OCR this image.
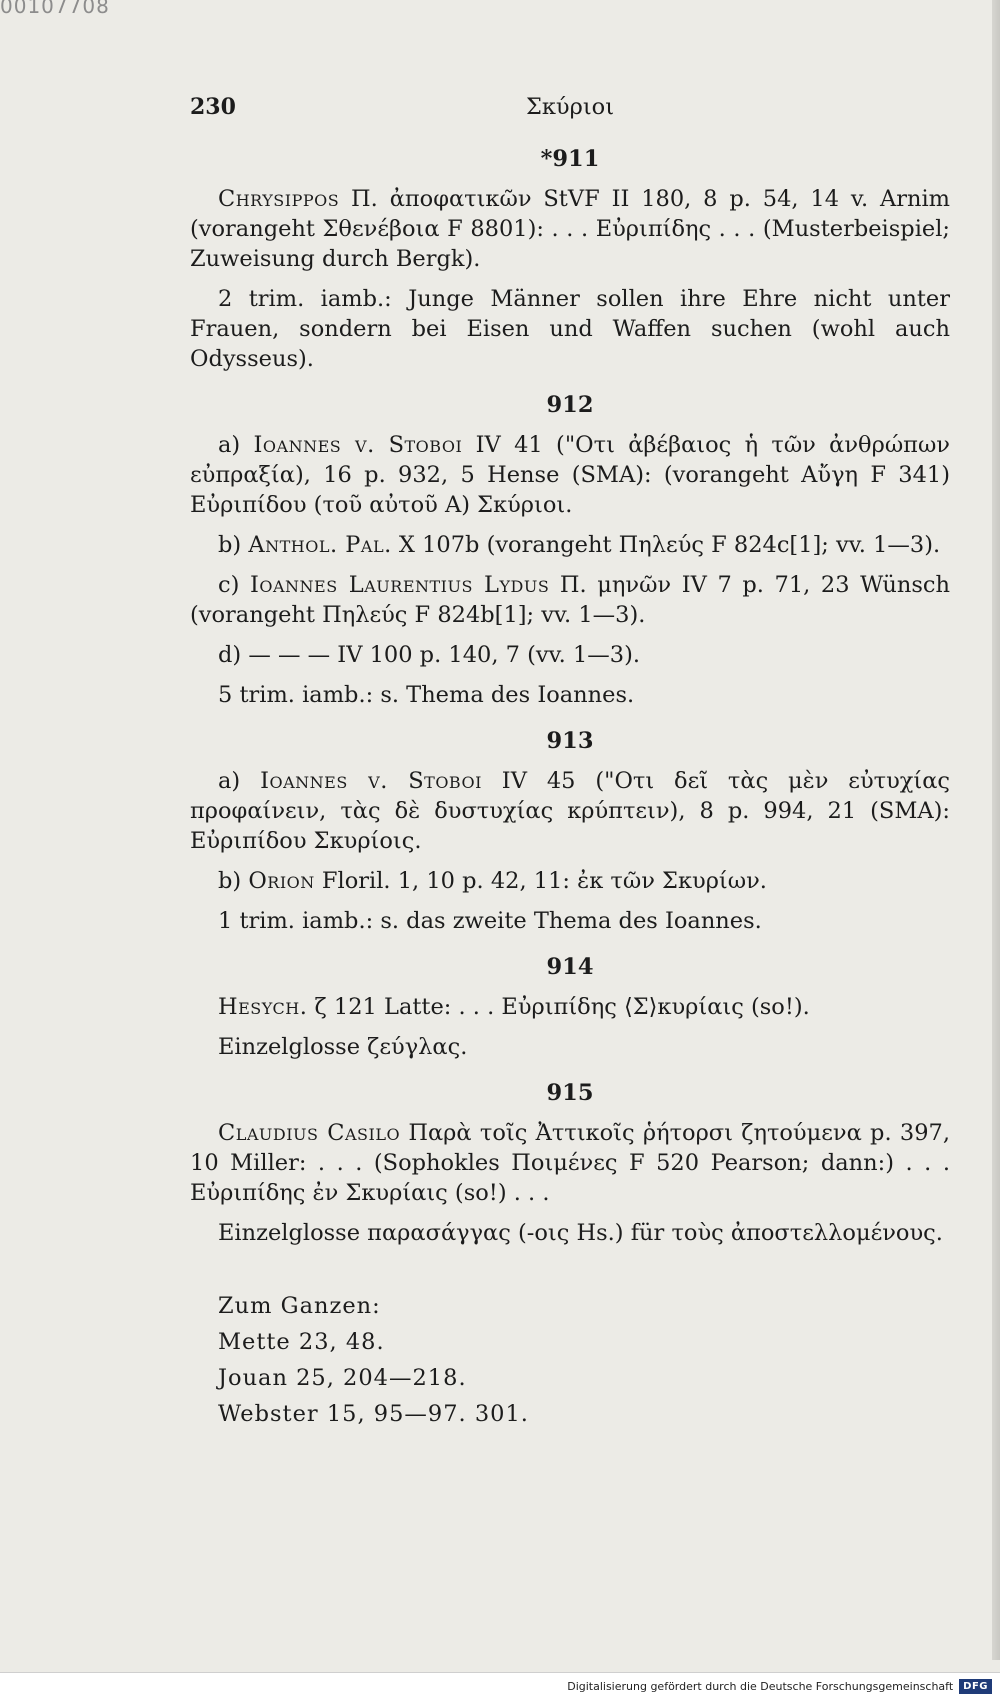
00107708
230	Σκύριοι
*911

Chrysippos Π. ἀποφατικῶν StVF II 180, 8 p. 54, 14 v. Arnim (vorangeht Σθενέβοια F 8801): . . . Εὐριπίδης . . . (Musterbeispiel; Zuweisung durch Bergk).

2 trim. iamb.: Junge Männer sollen ihre Ehre nicht unter Frauen, sondern bei Eisen und Waffen suchen (wohl auch Odysseus).

912

a) Ioannes v. Stoboi IV 41 ("Οτι ἀβέβαιος ἡ τῶν ἀνθρώπων εὐπραξία), 16 p. 932, 5 Hense (SMA): (vorangeht Αὔγη F 341) Εὐριπίδου (τοῦ αὐτοῦ A) Σκύριοι.

b) Anthol. Pal. X 107b (vorangeht Πηλεύς F 824c[1]; vv. 1—3).

c) Ioannes Laurentius Lydus Π. μηνῶν IV 7 p. 71, 23 Wünsch (vorangeht Πηλεύς F 824b[1]; vv. 1—3).

d) — — — IV 100 p. 140, 7 (vv. 1—3).

5 trim. iamb.: s. Thema des Ioannes.

913

a) Ioannes v. Stoboi IV 45 ("Οτι δεῖ τὰς μὲν εὐτυχίας προφαίνειν, τὰς δὲ δυστυχίας κρύπτειν), 8 p. 994, 21 (SMA): Εὐριπίδου Σκυρίοις.

b) Orion Floril. 1, 10 p. 42, 11: ἐκ τῶν Σκυρίων.

1 trim. iamb.: s. das zweite Thema des Ioannes.

914

Hesych. ζ 121 Latte: . . . Εὐριπίδης ⟨Σ⟩κυρίαις (so!).

Einzelglosse ζεύγλας.

915

Claudius Casilo Παρὰ τοῖς Ἀττικοῖς ῥήτορσι ζητούμενα p. 397, 10 Miller: . . . (Sophokles Ποιμένες F 520 Pearson; dann:) . . . Εὐριπίδης ἐν Σκυρίαις (so!) . . .

Einzelglosse παρασάγγας (-οις Hs.) für τοὺς ἀποστελλομένους.

Zum Ganzen:
Mette 23, 48.
Jouan 25, 204—218.
Webster 15, 95—97. 301.
Digitalisierung gefördert durch die Deutsche Forschungsgemeinschaft	DFG
